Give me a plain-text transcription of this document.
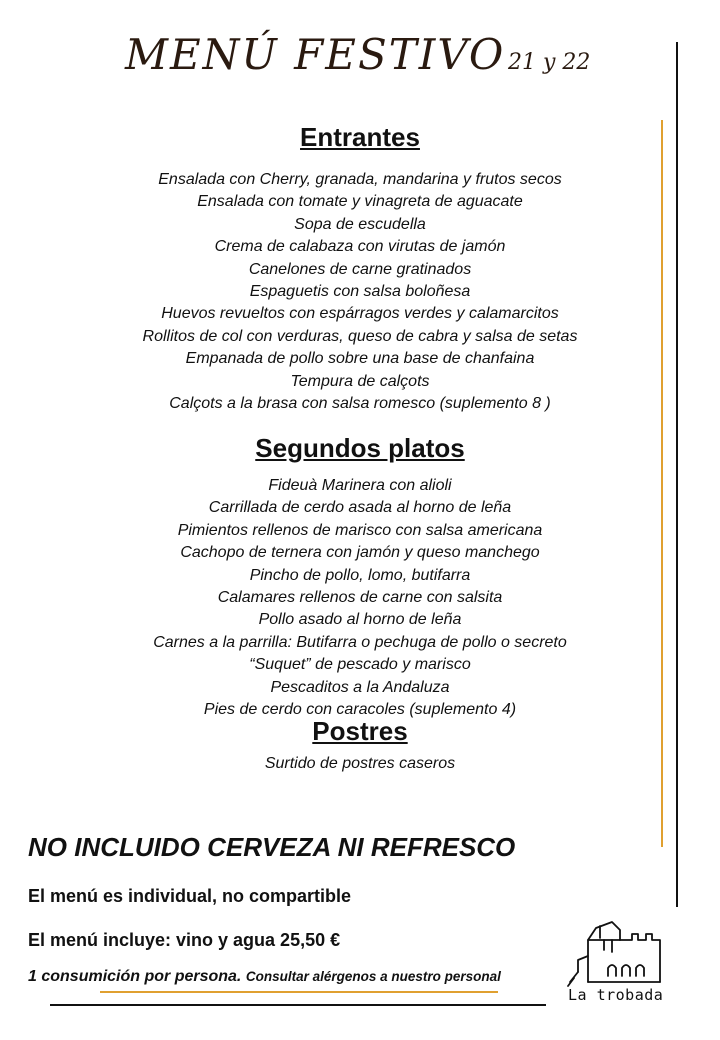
MENÚ FESTIVO 21 y 22
Entrantes
Ensalada con Cherry, granada, mandarina y frutos secos
Ensalada con tomate y vinagreta de aguacate
Sopa de escudella
Crema de calabaza con virutas de jamón
Canelones de carne gratinados
Espaguetis con salsa boloñesa
Huevos revueltos con espárragos verdes y calamarcitos
Rollitos de col con verduras, queso de cabra y salsa de setas
Empanada de pollo sobre una base de chanfaina
Tempura de calçots
Calçots a la brasa con salsa romesco (suplemento 8 )
Segundos platos
Fideuà Marinera con alioli
Carrillada de cerdo asada al horno de leña
Pimientos rellenos de marisco con salsa americana
Cachopo de ternera con jamón y queso manchego
Pincho de pollo, lomo, butifarra
Calamares rellenos de carne con salsita
Pollo asado al horno de leña
Carnes a la parrilla: Butifarra o pechuga de pollo o secreto
“Suquet” de pescado y marisco
Pescaditos a la Andaluza
Pies de cerdo con caracoles (suplemento 4)
Postres
Surtido de postres caseros
NO INCLUIDO CERVEZA NI REFRESCO
El menú es individual, no compartible
El menú incluye: vino y agua 25,50 €
1 consumición por persona. Consultar alérgenos a nuestro personal
La trobada
